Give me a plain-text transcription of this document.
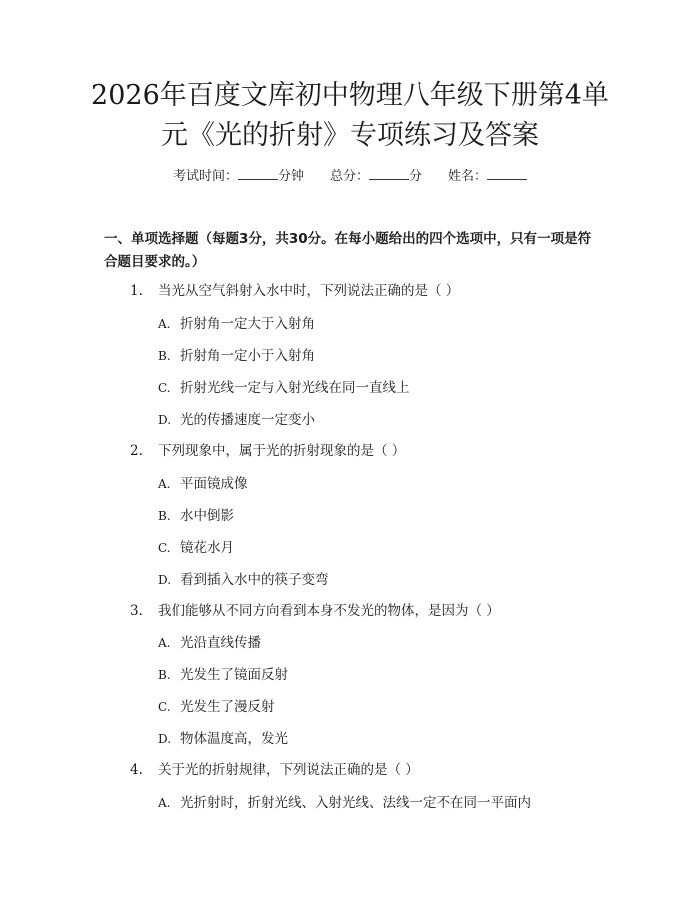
2026年百度文库初中物理八年级下册第4单
元《光的折射》专项练习及答案
考试时间：	分钟 总分：	分 姓名：

一、单项选择题（每题3分，共30分。在每小题给出的四个选项中，只有一项是符合题目要求的。）

1. 当光从空气斜射入水中时，下列说法正确的是（ ）
A. 折射角一定大于入射角
B. 折射角一定小于入射角
C. 折射光线一定与入射光线在同一直线上
D. 光的传播速度一定变小
2. 下列现象中，属于光的折射现象的是（ ）
A. 平面镜成像
B. 水中倒影
C. 镜花水月
D. 看到插入水中的筷子变弯
3. 我们能够从不同方向看到本身不发光的物体，是因为（ ）
A. 光沿直线传播
B. 光发生了镜面反射
C. 光发生了漫反射
D. 物体温度高，发光
4. 关于光的折射规律，下列说法正确的是（ ）
A. 光折射时，折射光线、入射光线、法线一定不在同一平面内
